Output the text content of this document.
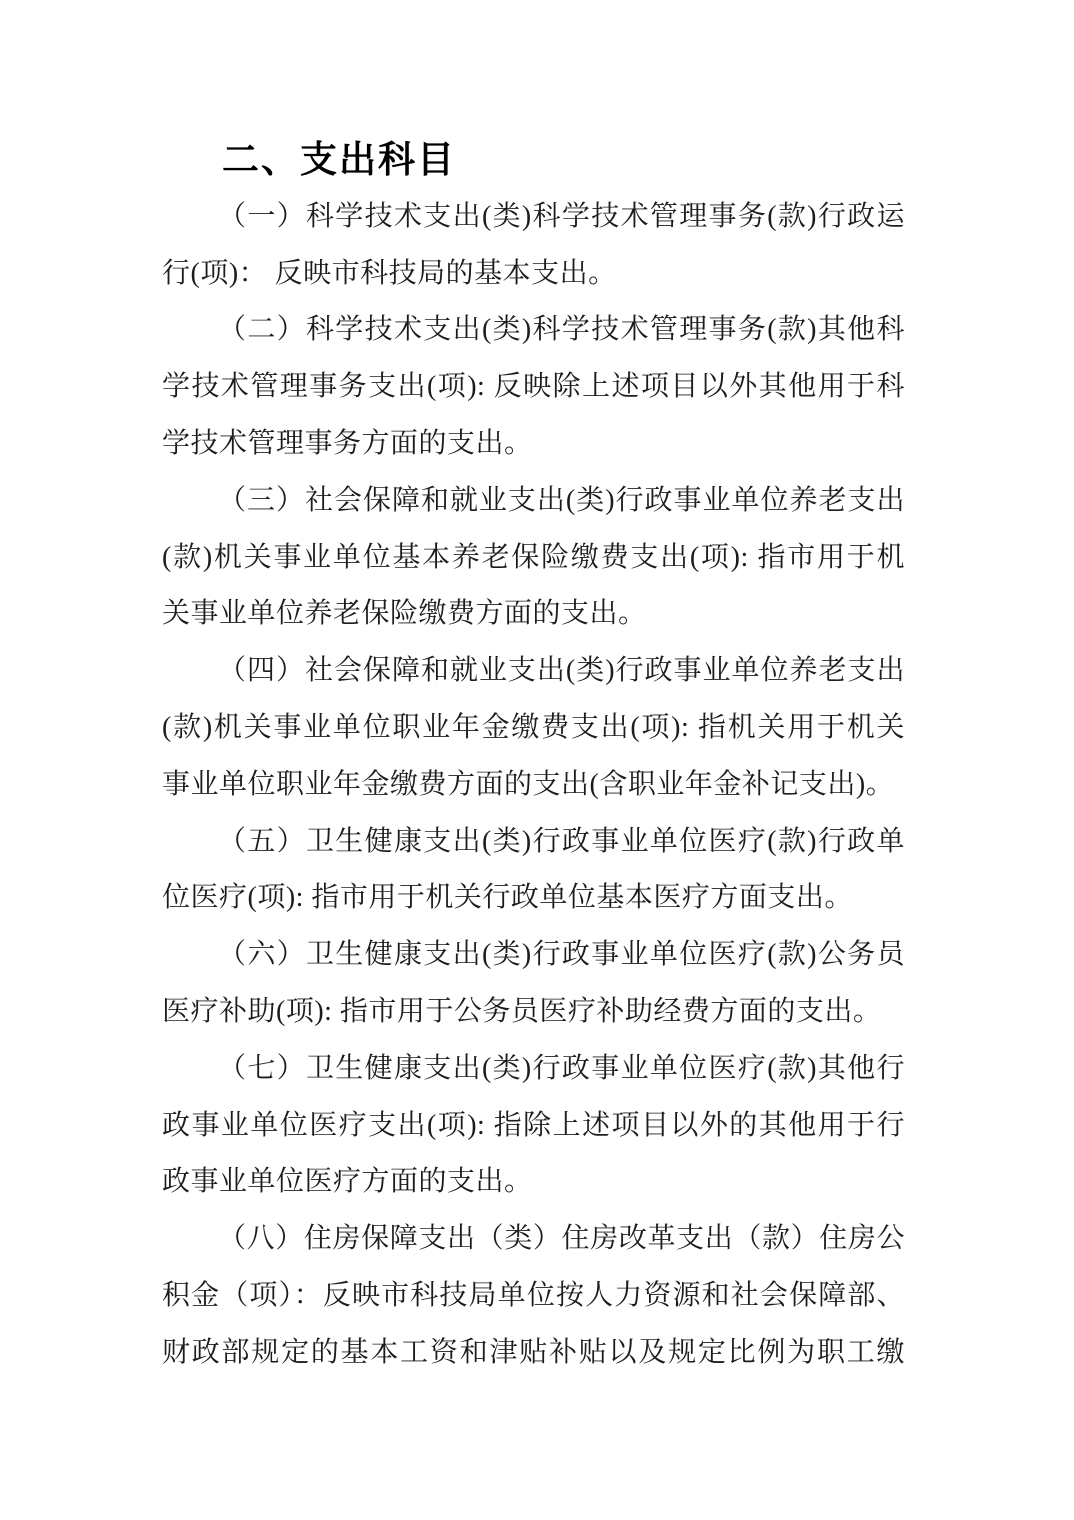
二、支出科目
（一）科学技术支出(类)科学技术管理事务(款)行政运
行(项)： 反映市科技局的基本支出。
（二）科学技术支出(类)科学技术管理事务(款)其他科
学技术管理事务支出(项): 反映除上述项目以外其他用于科
学技术管理事务方面的支出。
（三）社会保障和就业支出(类)行政事业单位养老支出
(款)机关事业单位基本养老保险缴费支出(项): 指市用于机
关事业单位养老保险缴费方面的支出。
（四）社会保障和就业支出(类)行政事业单位养老支出
(款)机关事业单位职业年金缴费支出(项): 指机关用于机关
事业单位职业年金缴费方面的支出(含职业年金补记支出)。
（五）卫生健康支出(类)行政事业单位医疗(款)行政单
位医疗(项): 指市用于机关行政单位基本医疗方面支出。
（六）卫生健康支出(类)行政事业单位医疗(款)公务员
医疗补助(项): 指市用于公务员医疗补助经费方面的支出。
（七）卫生健康支出(类)行政事业单位医疗(款)其他行
政事业单位医疗支出(项): 指除上述项目以外的其他用于行
政事业单位医疗方面的支出。
（八）住房保障支出（类）住房改革支出（款）住房公
积金（项）：反映市科技局单位按人力资源和社会保障部、
财政部规定的基本工资和津贴补贴以及规定比例为职工缴
